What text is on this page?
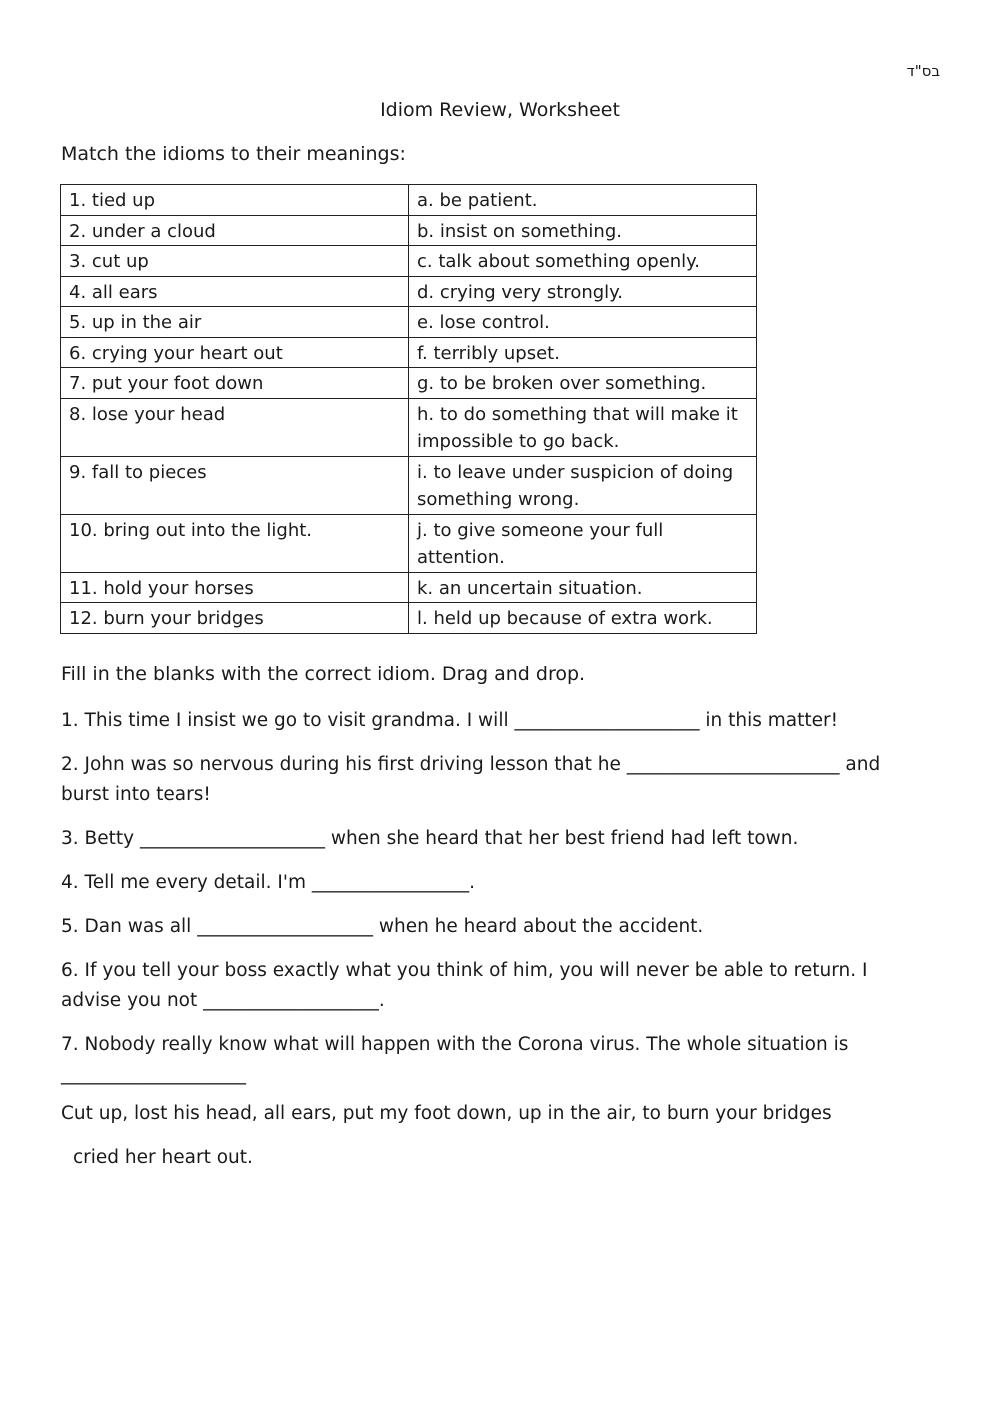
בס"ד
Idiom Review, Worksheet
Match the idioms to their meanings:
1. tied up	a. be patient.
2. under a cloud	b. insist on something.
3. cut up	c. talk about something openly.
4. all ears	d. crying very strongly.
5. up in the air	e. lose control.
6. crying your heart out	f. terribly upset.
7. put your foot down	g. to be broken over something.
8. lose your head	h. to do something that will make it impossible to go back.
9. fall to pieces	i. to leave under suspicion of doing something wrong.
10. bring out into the light.	j. to give someone your full attention.
11. hold your horses	k. an uncertain situation.
12. burn your bridges	l. held up because of extra work.
Fill in the blanks with the correct idiom. Drag and drop.
1. This time I insist we go to visit grandma. I will ____________________ in this matter!
2. John was so nervous during his first driving lesson that he _______________________ and burst into tears!
3. Betty ____________________ when she heard that her best friend had left town.
4. Tell me every detail. I'm _________________.
5. Dan was all ___________________ when he heard about the accident.
6. If you tell your boss exactly what you think of him, you will never be able to return. I advise you not ___________________.
7. Nobody really know what will happen with the Corona virus. The whole situation is ____________________
Cut up, lost his head, all ears, put my foot down, up in the air, to burn your bridges
cried her heart out.
